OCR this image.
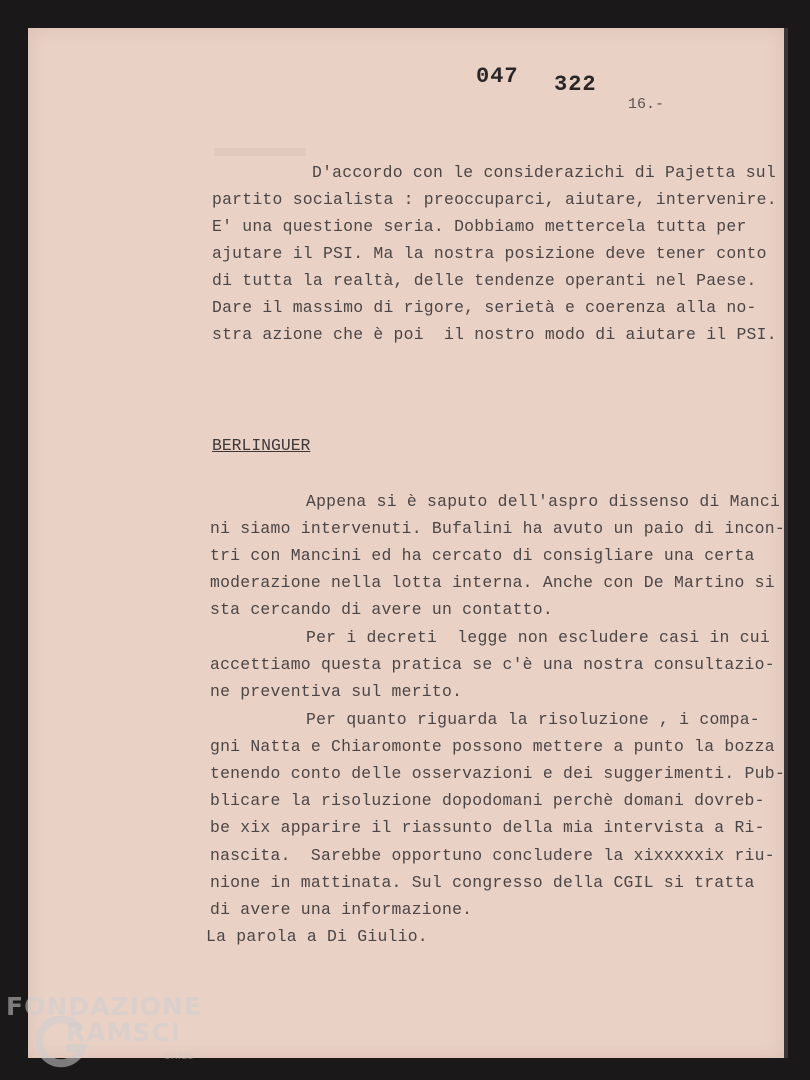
047 322
16.-
D'accordo con le considerazichi di Pajetta sul
partito socialista : preoccuparci, aiutare, intervenire.
E' una questione seria. Dobbiamo mettercela tutta per
ajutare il PSI. Ma la nostra posizione deve tener conto
di tutta la realtà, delle tendenze operanti nel Paese.
Dare il massimo di rigore, serietà e coerenza alla no-
stra azione che è poi  il nostro modo di aiutare il PSI.
BERLINGUER
Appena si è saputo dell'aspro dissenso di Manci
ni siamo intervenuti. Bufalini ha avuto un paio di incon-
tri con Mancini ed ha cercato di consigliare una certa
moderazione nella lotta interna. Anche con De Martino si
sta cercando di avere un contatto.
Per i decreti  legge non escludere casi in cui
accettiamo questa pratica se c'è una nostra consultazio-
ne preventiva sul merito.
Per quanto riguarda la risoluzione , i compa-
gni Natta e Chiaromonte possono mettere a punto la bozza
tenendo conto delle osservazioni e dei suggerimenti. Pub-
blicare la risoluzione dopodomani perchè domani dovreb-
be xix apparire il riassunto della mia intervista a Ri-
nascita.  Sarebbe opportuno concludere la xixxxxxix riu-
nione in mattinata. Sul congresso della CGIL si tratta
di avere una informazione.
La parola a Di Giulio.
FONDAZIONE
RAMSCI
onlus
